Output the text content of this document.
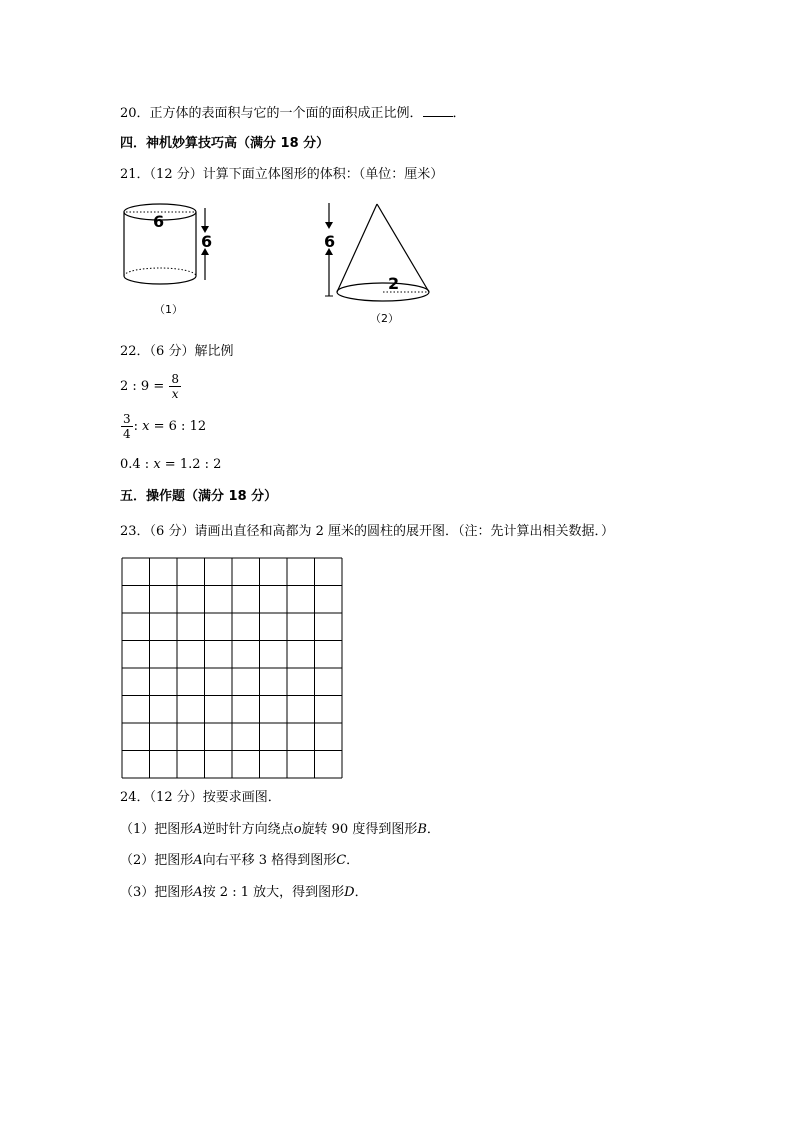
20．正方体的表面积与它的一个面的面积成正比例． ．
四．神机妙算技巧高（满分 18 分）
21．（12 分）计算下面立体图形的体积：（单位：厘米）
6
6
（1）
6
2
（2）
22．（6 分）解比例
2 : $9 = \frac{8}{x}$
$\frac{3}{4}$ : x = 6 : 12
0.4 : x = 1.2 : 2
五．操作题（满分 18 分）
23．（6 分）请画出直径和高都为 2 厘米的圆柱的展开图．（注：先计算出相关数据．）
24．（12 分）按要求画图．
（1）把图形A逆时针方向绕点o旋转 90 度得到图形B．
（2）把图形A向右平移 3 格得到图形C．
（3）把图形A按 2 : 1 放大，得到图形D．
